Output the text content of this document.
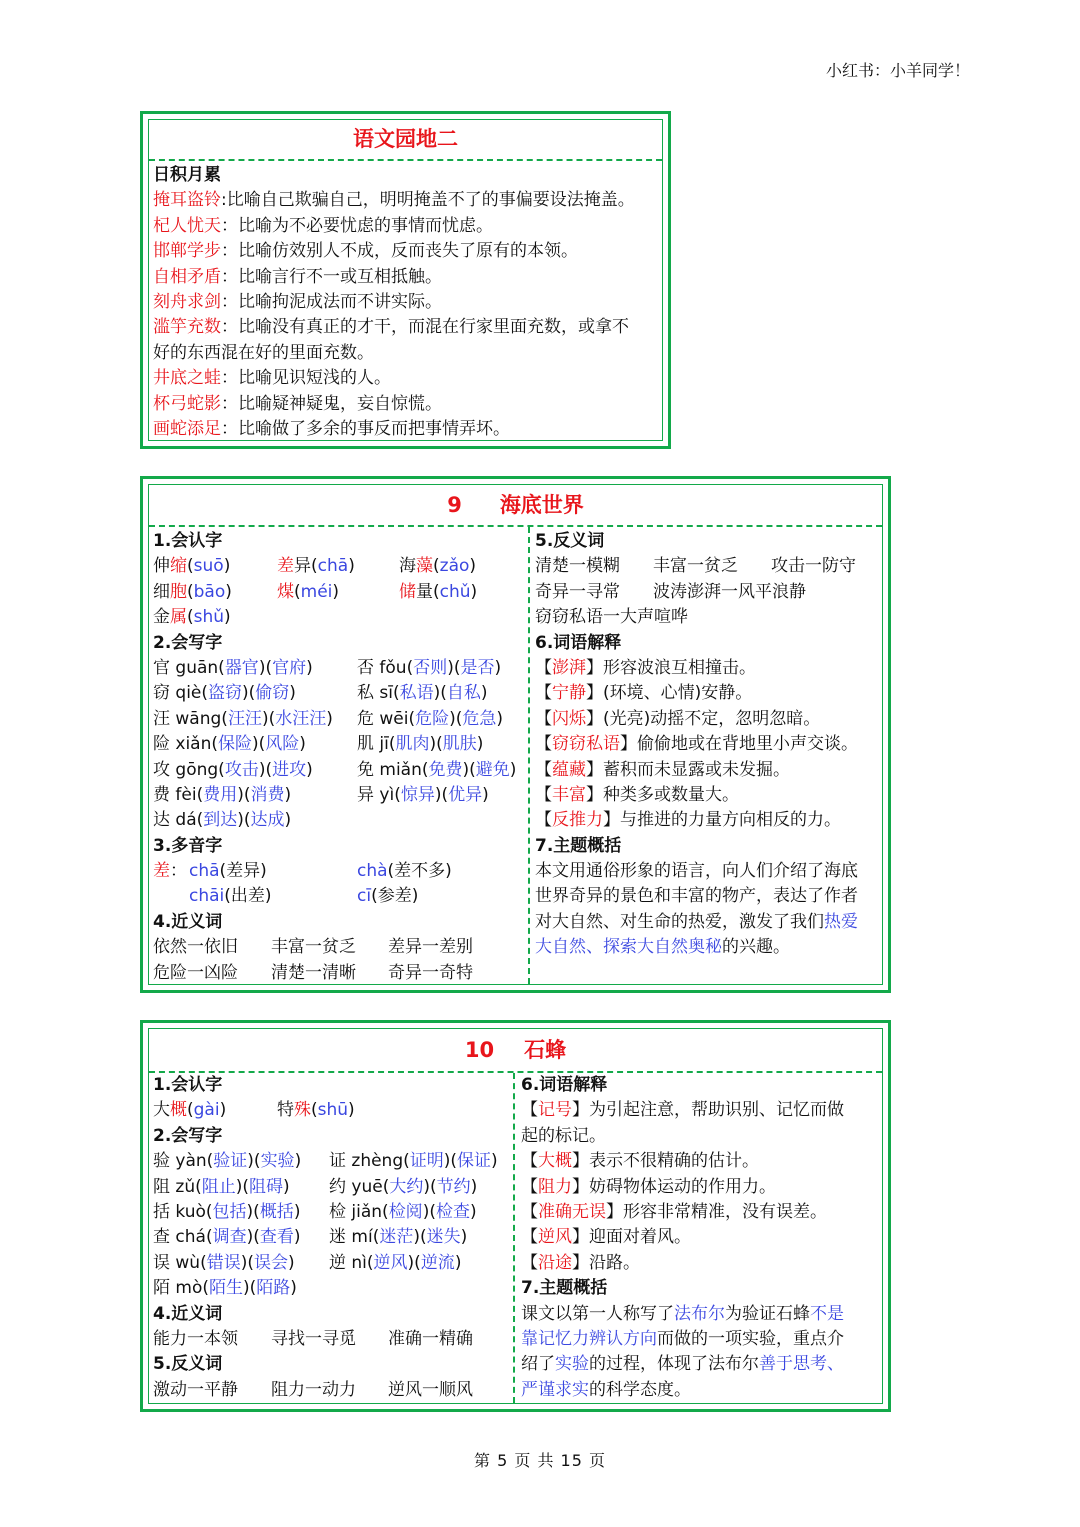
小红书：小羊同学！
语文园地二
日积月累
掩耳盗铃:比喻自己欺骗自己，明明掩盖不了的事偏要设法掩盖。
杞人忧天：比喻为不必要忧虑的事情而忧虑。
邯郸学步：比喻仿效别人不成，反而丧失了原有的本领。
自相矛盾：比喻言行不一或互相抵触。
刻舟求剑：比喻拘泥成法而不讲实际。
滥竽充数：比喻没有真正的才干，而混在行家里面充数，或拿不
好的东西混在好的里面充数。
井底之蛙：比喻见识短浅的人。
杯弓蛇影：比喻疑神疑鬼，妄自惊慌。
画蛇添足：比喻做了多余的事反而把事情弄坏。
9 海底世界
1.会认字
伸缩(suō)	差异(chā)	海藻(zǎo)
细胞(bāo)	煤(méi)	储量(chǔ)
金属(shǔ)
2.会写字
官 guān(器官)(官府)	否 fǒu(否则)(是否)
窃 qiè(盗窃)(偷窃)	私 sī(私语)(自私)
汪 wāng(汪汪)(水汪汪) 危 wēi(危险)(危急)
险 xiǎn(保险)(风险)	肌 jī(肌肉)(肌肤)
攻 gōng(攻击)(进攻)	免 miǎn(免费)(避免)
费 fèi(费用)(消费)	异 yì(惊异)(优异)
达 dá(到达)(达成)
3.多音字
差 ： chā(差异)	chà(差不多)
chāi(出差)	cī(参差)
4.近义词
依然一依旧 丰富一贫乏 差异一差别
危险一凶险 清楚一清晰 奇异一奇特
5.反义词
清楚一模糊 丰富一贫乏 攻击一防守
奇异一寻常 波涛澎湃一风平浪静
窃窃私语一大声喧哗
6.词语解释
【澎湃】形容波浪互相撞击。
【宁静】(环境、心情)安静。
【闪烁】(光亮)动摇不定，忽明忽暗。
【窃窃私语】偷偷地或在背地里小声交谈。
【蕴藏】蓄积而未显露或未发掘。
【丰富】种类多或数量大。
【反推力】与推进的力量方向相反的力。
7.主题概括
本文用通俗形象的语言，向人们介绍了海底
世界奇异的景色和丰富的物产，表达了作者
对大自然、对生命的热爱，激发了我们热爱
大自然、探索大自然奥秘的兴趣。
10 石蜂
1.会认字
大概(gài)	特殊(shū)
2.会写字
验 yàn(验证)(实验) 证 zhèng(证明)(保证)
阻 zǔ(阻止)(阻碍) 约 yuē(大约)(节约)
括 kuò(包括)(概括) 检 jiǎn(检阅)(检查)
查 chá(调查)(查看) 迷 mí(迷茫)(迷失)
误 wù(错误)(误会) 逆 nì(逆风)(逆流)
陌 mò(陌生)(陌路)
4.近义词
能力一本领 寻找一寻觅 准确一精确
5.反义词
激动一平静 阻力一动力 逆风一顺风
6.词语解释
【记号】为引起注意，帮助识别、记忆而做
起的标记。
【大概】表示不很精确的估计。
【阻力】妨碍物体运动的作用力。
【准确无误】形容非常精准，没有误差。
【逆风】迎面对着风。
【沿途】沿路。
7.主题概括
课文以第一人称写了法布尔为验证石蜂不是
靠记忆力辨认方向而做的一项实验，重点介
绍了实验的过程，体现了法布尔善于思考、
严谨求实的科学态度。
第 5 页 共 15 页
